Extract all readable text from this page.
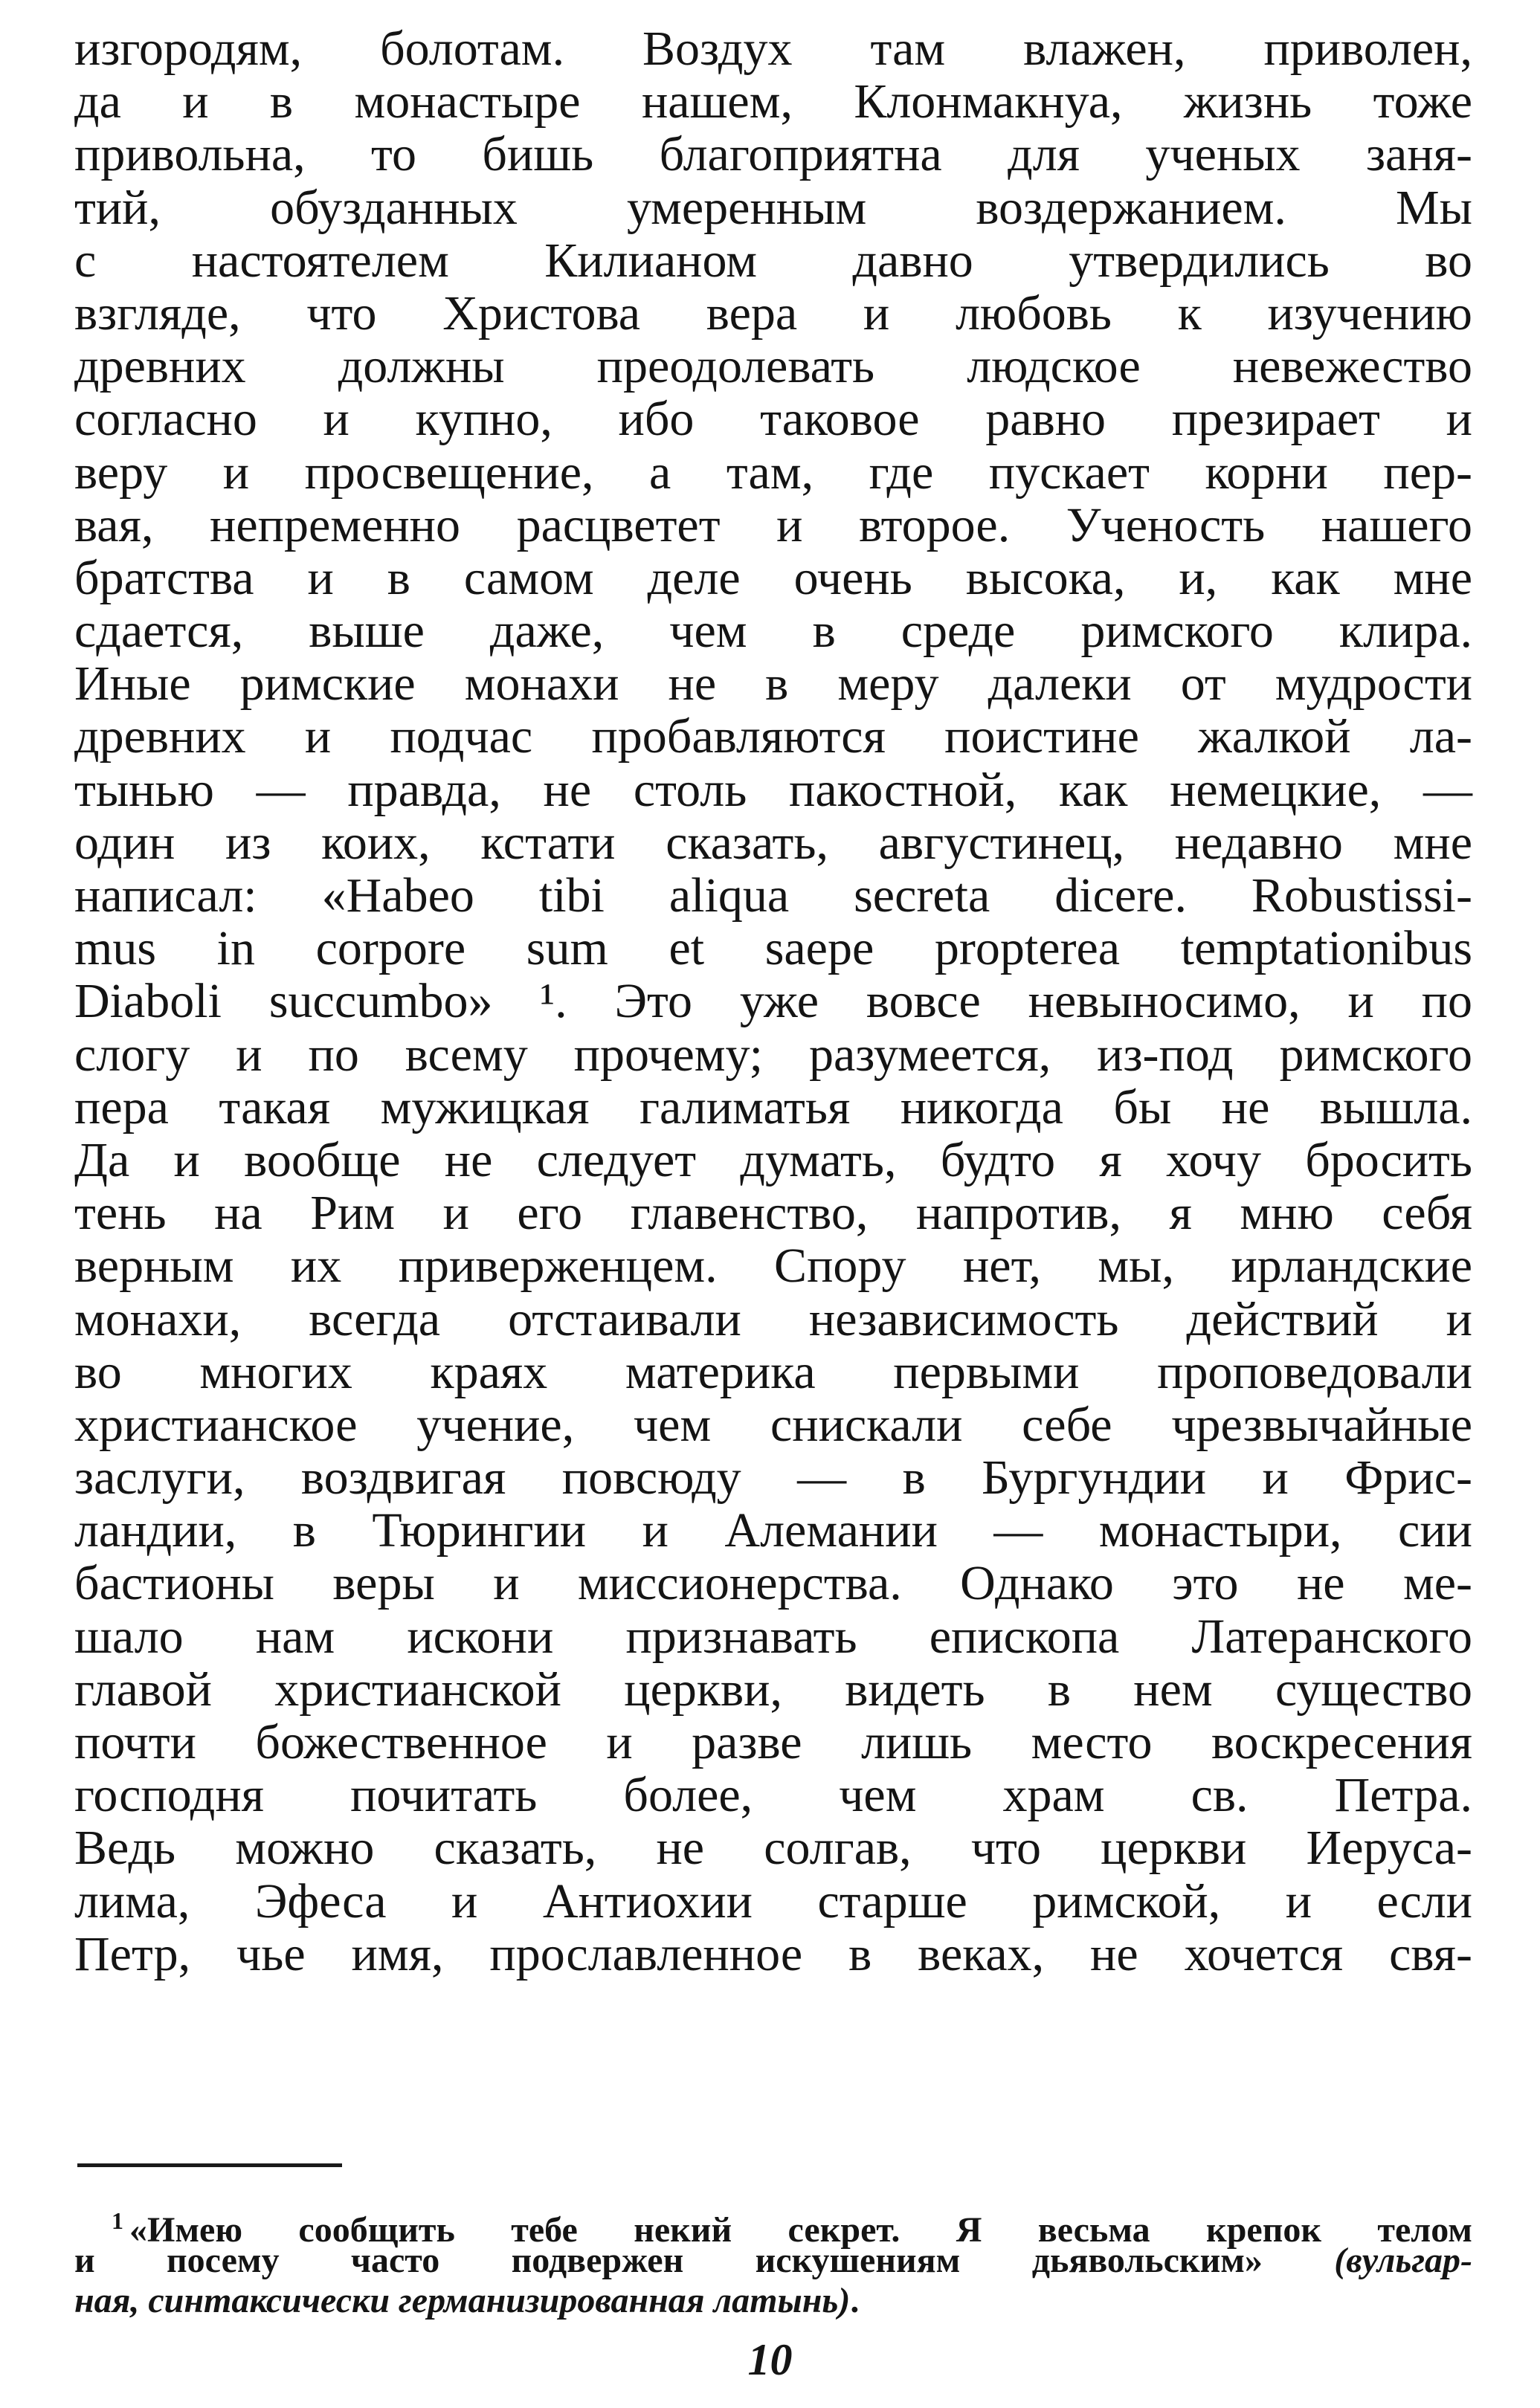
изгородям, болотам. Воздух там влажен, приволен,
да и в монастыре нашем, Клонмакнуа, жизнь тоже
привольна, то бишь благоприятна для ученых заня-
тий, обузданных умеренным воздержанием. Мы
с настоятелем Килианом давно утвердились во
взгляде, что Христова вера и любовь к изучению
древних должны преодолевать людское невежество
согласно и купно, ибо таковое равно презирает и
веру и просвещение, а там, где пускает корни пер-
вая, непременно расцветет и второе. Ученость нашего
братства и в самом деле очень высока, и, как мне
сдается, выше даже, чем в среде римского клира.
Иные римские монахи не в меру далеки от мудрости
древних и подчас пробавляются поистине жалкой ла-
тынью — правда, не столь пакостной, как немецкие, —
один из коих, кстати сказать, августинец, недавно мне
написал: «Habeo tibi aliqua secreta dicere. Robustissi-
mus in corpore sum et saepe propterea temptationibus
Diaboli succumbo» ¹. Это уже вовсе невыносимо, и по
слогу и по всему прочему; разумеется, из-под римского
пера такая мужицкая галиматья никогда бы не вышла.
Да и вообще не следует думать, будто я хочу бросить
тень на Рим и его главенство, напротив, я мню себя
верным их приверженцем. Спору нет, мы, ирландские
монахи, всегда отстаивали независимость действий и
во многих краях материка первыми проповедовали
христианское учение, чем снискали себе чрезвычайные
заслуги, воздвигая повсюду — в Бургундии и Фрис-
ландии, в Тюрингии и Алемании — монастыри, сии
бастионы веры и миссионерства. Однако это не ме-
шало нам искони признавать епископа Латеранского
главой христианской церкви, видеть в нем существо
почти божественное и разве лишь место воскресения
господня почитать более, чем храм св. Петра.
Ведь можно сказать, не солгав, что церкви Иеруса-
лима, Эфеса и Антиохии старше римской, и если
Петр, чье имя, прославленное в веках, не хочется свя-
$^1$ «Имею сообщить тебе некий секрет. Я весьма крепок телом
и посему часто подвержен искушениям дьявольским» (вульгар-
ная, синтаксически германизированная латынь).
10
